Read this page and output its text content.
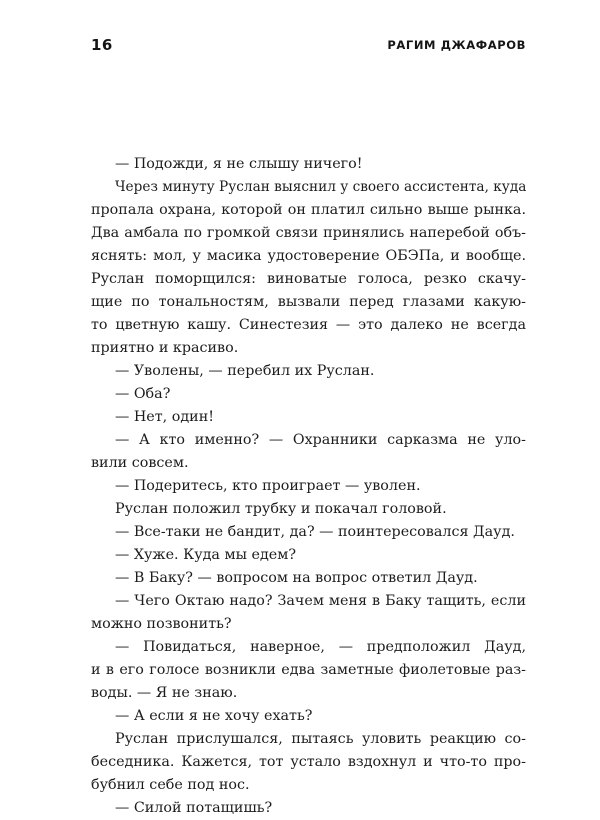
16	РАГИМ ДЖАФАРОВ
— Подожди, я не слышу ничего!
Через минуту Руслан выяснил у своего ассистента, куда
пропала охрана, которой он платил сильно выше рынка.
Два амбала по громкой связи принялись наперебой объ-
яснять: мол, у масика удостоверение ОБЭПа, и вообще.
Руслан поморщился: виноватые голоса, резко скачу-
щие по тональностям, вызвали перед глазами какую-
то цветную кашу. Синестезия — это далеко не всегда
приятно и красиво.
— Уволены, — перебил их Руслан.
— Оба?
— Нет, один!
— А кто именно? — Охранники сарказма не уло-
вили совсем.
— Подеритесь, кто проиграет — уволен.
Руслан положил трубку и покачал головой.
— Все-таки не бандит, да? — поинтересовался Дауд.
— Хуже. Куда мы едем?
— В Баку? — вопросом на вопрос ответил Дауд.
— Чего Октаю надо? Зачем меня в Баку тащить, если
можно позвонить?
— Повидаться, наверное, — предположил Дауд,
и в его голосе возникли едва заметные фиолетовые раз-
воды. — Я не знаю.
— А если я не хочу ехать?
Руслан прислушался, пытаясь уловить реакцию со-
беседника. Кажется, тот устало вздохнул и что-то про-
бубнил себе под нос.
— Силой потащишь?
